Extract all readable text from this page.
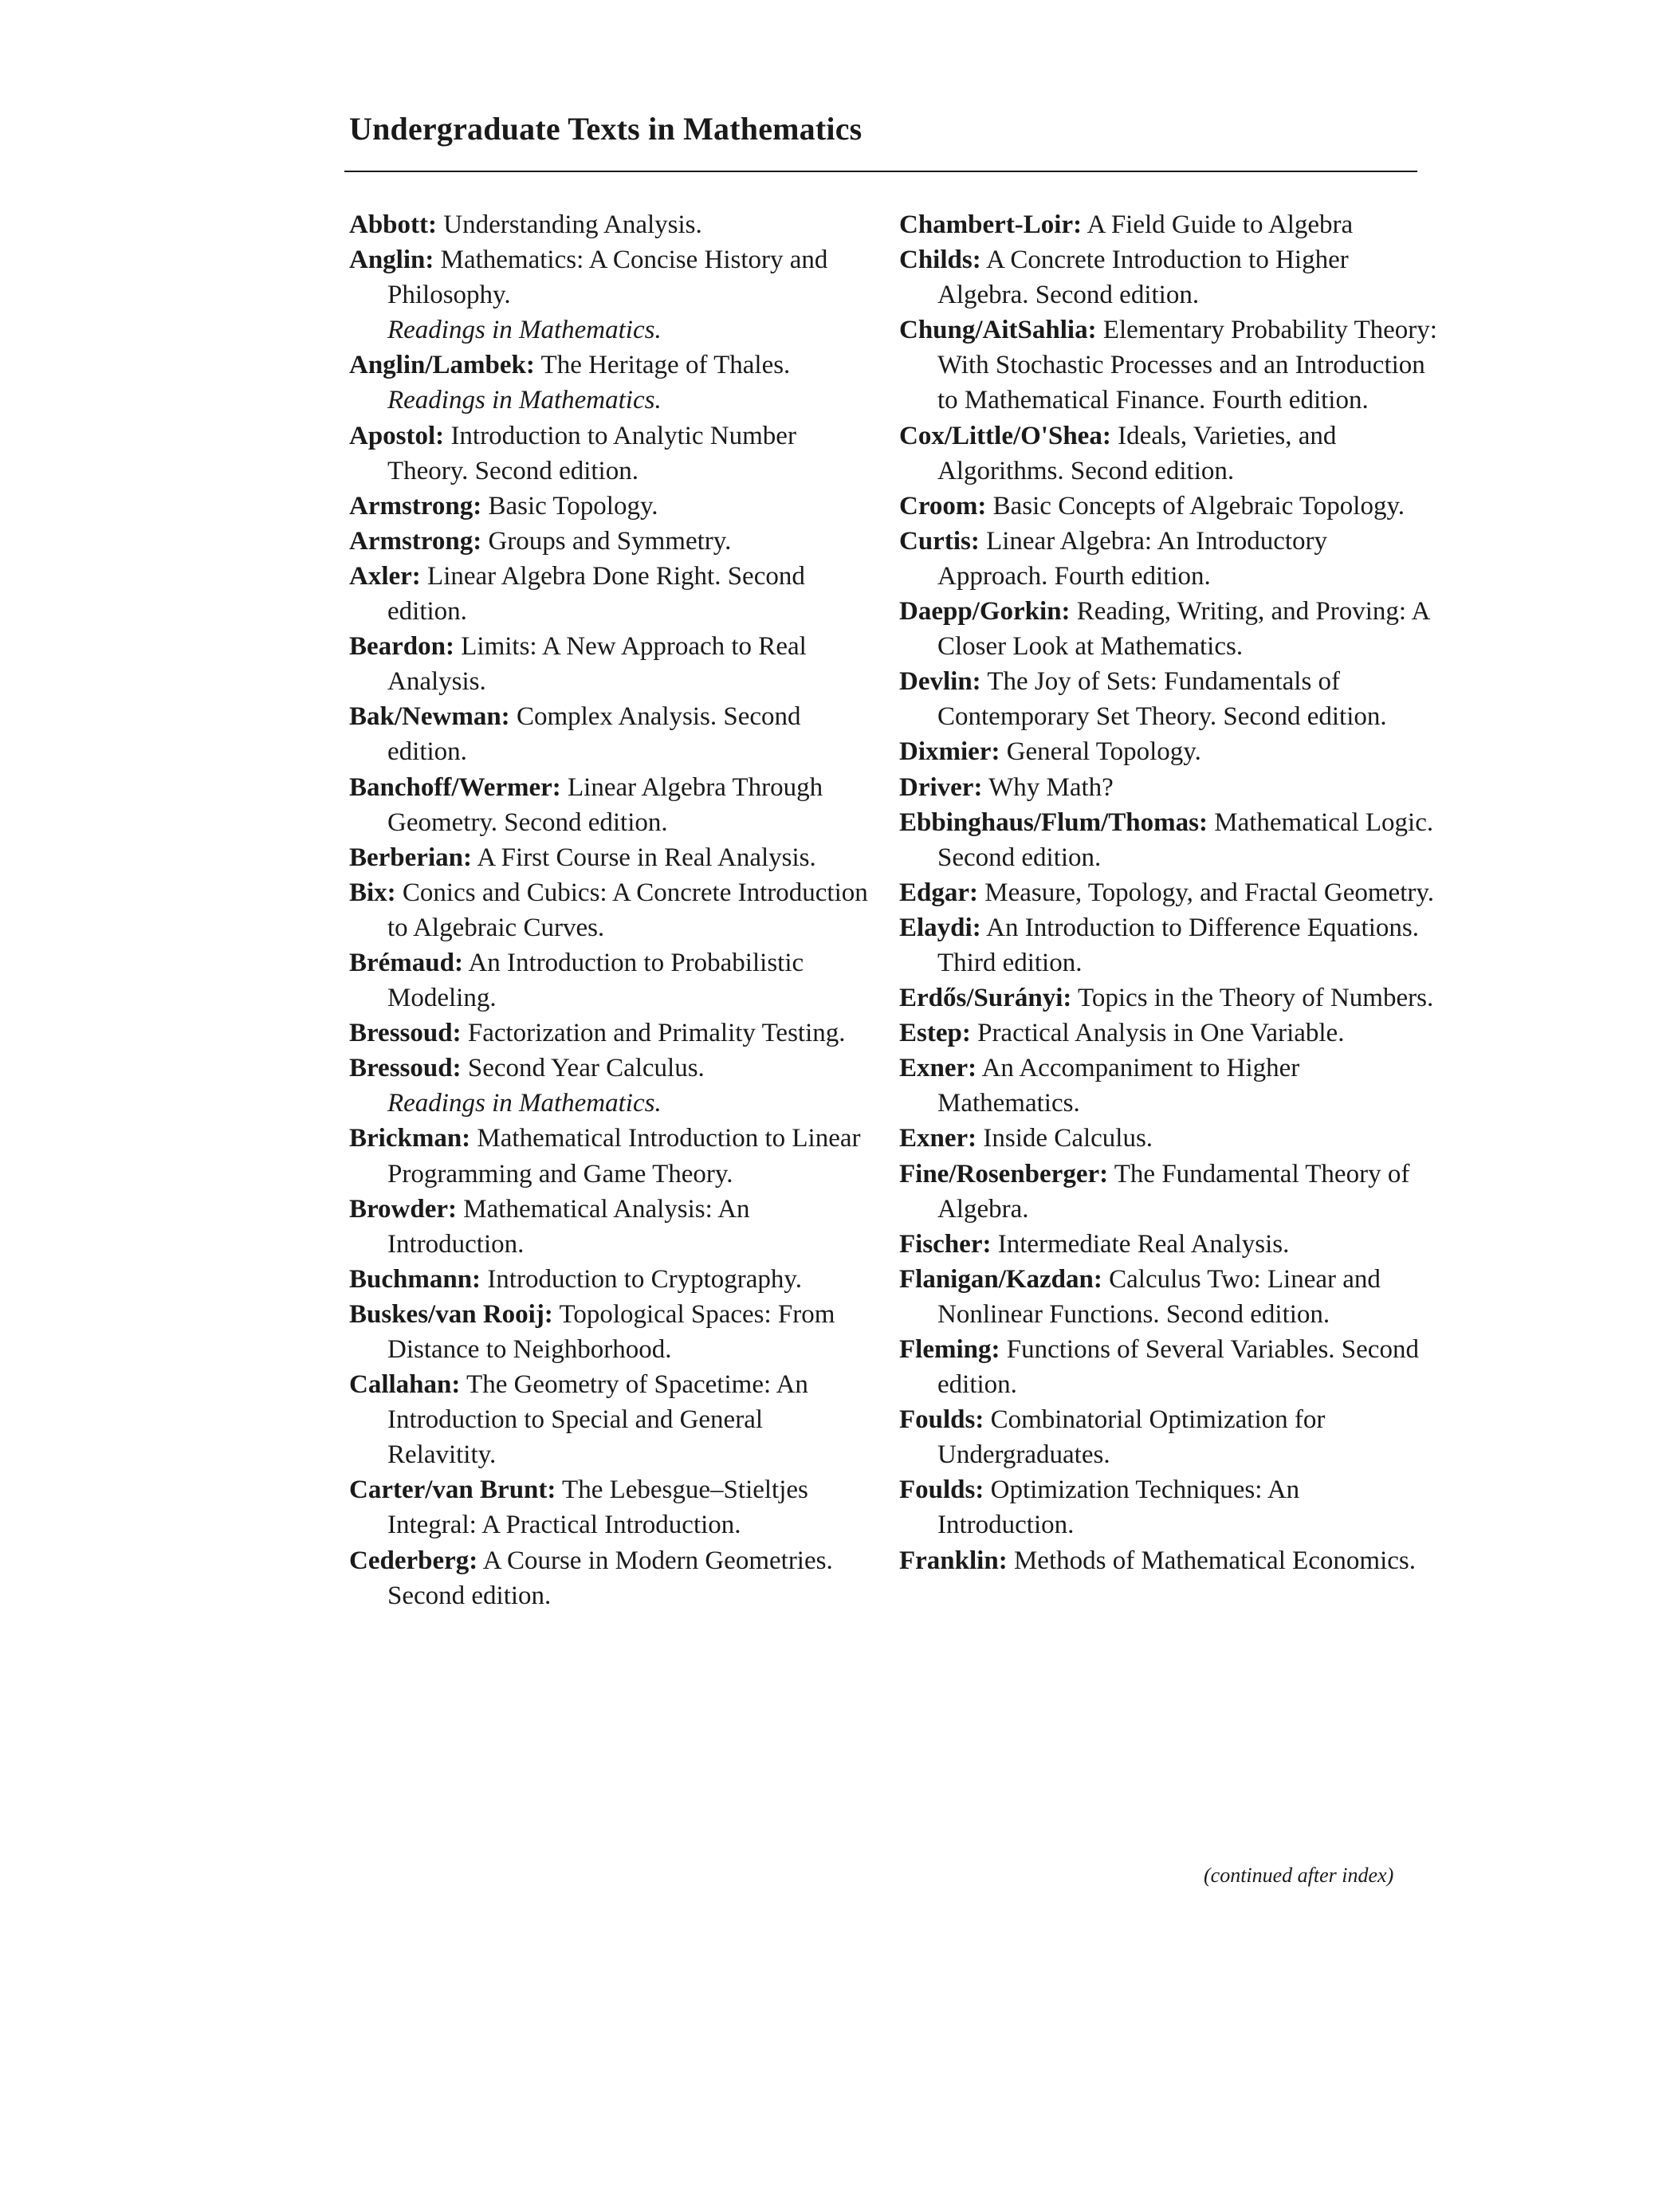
Undergraduate Texts in Mathematics

Abbott: Understanding Analysis.

Anglin: Mathematics: A Concise History and Philosophy.
Readings in Mathematics.

Anglin/Lambek: The Heritage of Thales.
Readings in Mathematics.

Apostol: Introduction to Analytic Number Theory. Second edition.

Armstrong: Basic Topology.

Armstrong: Groups and Symmetry.

Axler: Linear Algebra Done Right. Second edition.

Beardon: Limits: A New Approach to Real Analysis.

Bak/Newman: Complex Analysis. Second edition.

Banchoff/Wermer: Linear Algebra Through Geometry. Second edition.

Berberian: A First Course in Real Analysis.

Bix: Conics and Cubics: A Concrete Introduction to Algebraic Curves.

Brémaud: An Introduction to Probabilistic Modeling.

Bressoud: Factorization and Primality Testing.

Bressoud: Second Year Calculus.
Readings in Mathematics.

Brickman: Mathematical Introduction to Linear Programming and Game Theory.

Browder: Mathematical Analysis: An Introduction.

Buchmann: Introduction to Cryptography.

Buskes/van Rooij: Topological Spaces: From Distance to Neighborhood.

Callahan: The Geometry of Spacetime: An Introduction to Special and General Relavitity.

Carter/van Brunt: The Lebesgue–Stieltjes Integral: A Practical Introduction.

Cederberg: A Course in Modern Geometries. Second edition.

Chambert-Loir: A Field Guide to Algebra

Childs: A Concrete Introduction to Higher Algebra. Second edition.

Chung/AitSahlia: Elementary Probability Theory: With Stochastic Processes and an Introduction to Mathematical Finance. Fourth edition.

Cox/Little/O'Shea: Ideals, Varieties, and Algorithms. Second edition.

Croom: Basic Concepts of Algebraic Topology.

Curtis: Linear Algebra: An Introductory Approach. Fourth edition.

Daepp/Gorkin: Reading, Writing, and Proving: A Closer Look at Mathematics.

Devlin: The Joy of Sets: Fundamentals of Contemporary Set Theory. Second edition.

Dixmier: General Topology.

Driver: Why Math?

Ebbinghaus/Flum/Thomas: Mathematical Logic. Second edition.

Edgar: Measure, Topology, and Fractal Geometry.

Elaydi: An Introduction to Difference Equations. Third edition.

Erdős/Surányi: Topics in the Theory of Numbers.

Estep: Practical Analysis in One Variable.

Exner: An Accompaniment to Higher Mathematics.

Exner: Inside Calculus.

Fine/Rosenberger: The Fundamental Theory of Algebra.

Fischer: Intermediate Real Analysis.

Flanigan/Kazdan: Calculus Two: Linear and Nonlinear Functions. Second edition.

Fleming: Functions of Several Variables. Second edition.

Foulds: Combinatorial Optimization for Undergraduates.

Foulds: Optimization Techniques: An Introduction.

Franklin: Methods of Mathematical Economics.

(continued after index)
